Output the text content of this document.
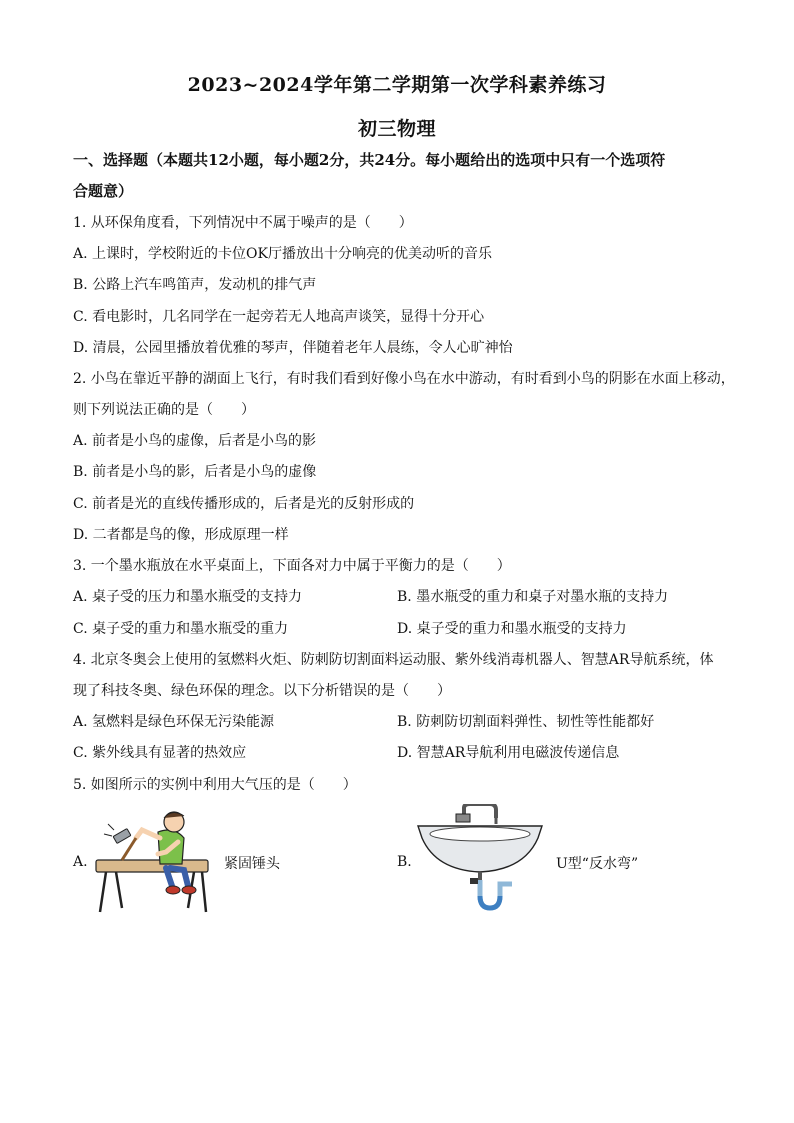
2023~2024学年第二学期第一次学科素养练习
初三物理
一、选择题（本题共12小题，每小题2分，共24分。每小题给出的选项中只有一个选项符
合题意）
1. 从环保角度看，下列情况中不属于噪声的是（　　）
A. 上课时，学校附近的卡位OK厅播放出十分响亮的优美动听的音乐
B. 公路上汽车鸣笛声，发动机的排气声
C. 看电影时，几名同学在一起旁若无人地高声谈笑，显得十分开心
D. 清晨，公园里播放着优雅的琴声，伴随着老年人晨练，令人心旷神怡
2. 小鸟在靠近平静的湖面上飞行，有时我们看到好像小鸟在水中游动，有时看到小鸟的阴影在水面上移动，
则下列说法正确的是（　　）
A. 前者是小鸟的虚像，后者是小鸟的影
B. 前者是小鸟的影，后者是小鸟的虚像
C. 前者是光的直线传播形成的，后者是光的反射形成的
D. 二者都是鸟的像，形成原理一样
3. 一个墨水瓶放在水平桌面上，下面各对力中属于平衡力的是（　　）
A. 桌子受的压力和墨水瓶受的支持力	B. 墨水瓶受的重力和桌子对墨水瓶的支持力
C. 桌子受的重力和墨水瓶受的重力	D. 桌子受的重力和墨水瓶受的支持力
4. 北京冬奥会上使用的氢燃料火炬、防刺防切割面料运动服、紫外线消毒机器人、智慧AR导航系统，体
现了科技冬奥、绿色环保的理念。以下分析错误的是（　　）
A. 氢燃料是绿色环保无污染能源	B. 防刺防切割面料弹性、韧性等性能都好
C. 紫外线具有显著的热效应	D. 智慧AR导航利用电磁波传递信息
5. 如图所示的实例中利用大气压的是（　　）
A.	紧固锤头	B.	U型“反水弯”
